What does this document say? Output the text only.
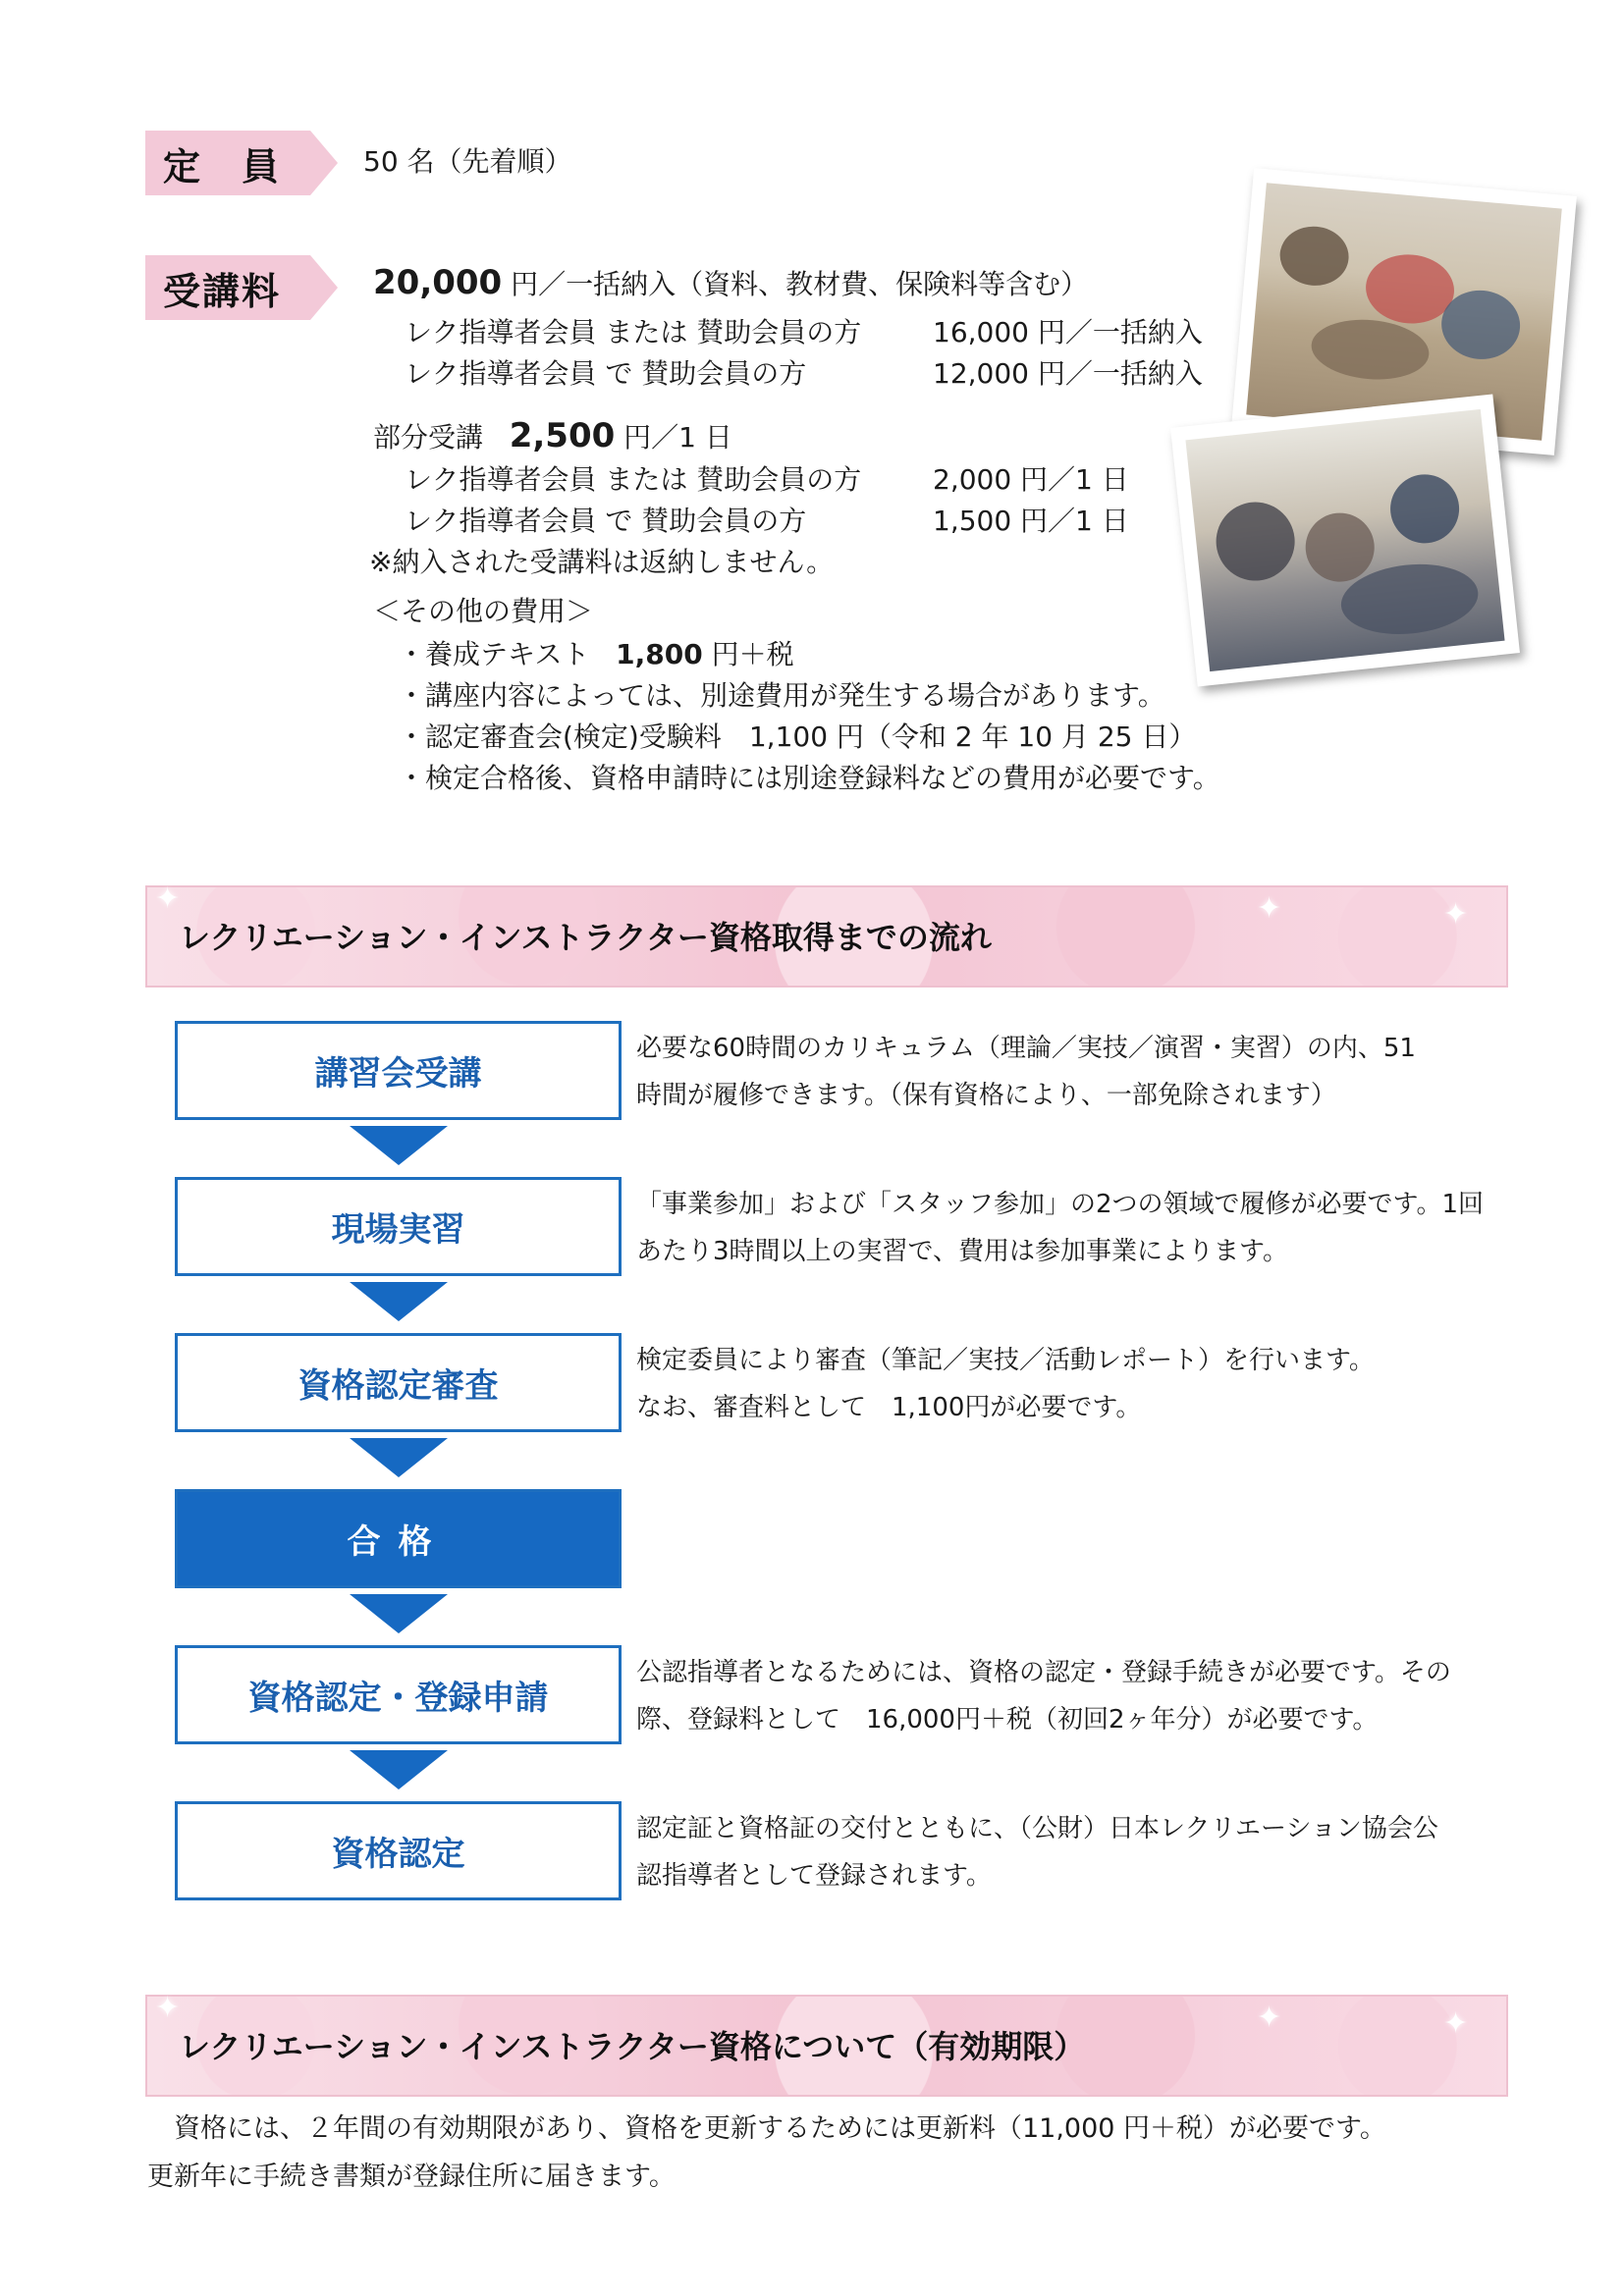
定　員	50 名（先着順）
受講料	20,000 円／一括納入（資料、教材費、保険料等含む）
レク指導者会員 または 賛助会員の方	16,000 円／一括納入
レク指導者会員 で 賛助会員の方	12,000 円／一括納入
部分受講 2,500 円／1 日
レク指導者会員 または 賛助会員の方	2,000 円／1 日
レク指導者会員 で 賛助会員の方	1,500 円／1 日
※納入された受講料は返納しません。
＜その他の費用＞
・養成テキスト 1,800 円＋税
・講座内容によっては、別途費用が発生する場合があります。
・認定審査会(検定)受験料　1,100 円（令和 2 年 10 月 25 日）
・検定合格後、資格申請時には別途登録料などの費用が必要です。
✦	✦	✦
レクリエーション・インストラクター資格取得までの流れ
講習会受講
必要な60時間のカリキュラム（理論／実技／演習・実習）の内、51
時間が履修できます。（保有資格により、一部免除されます）
現場実習
「事業参加」および「スタッフ参加」の2つの領域で履修が必要です。1回
あたり3時間以上の実習で、費用は参加事業によります。
資格認定審査
検定委員により審査（筆記／実技／活動レポート）を行います。
なお、審査料として　1,100円が必要です。
合格
資格認定・登録申請
公認指導者となるためには、資格の認定・登録手続きが必要です。その
際、登録料として　16,000円＋税（初回2ヶ年分）が必要です。
資格認定
認定証と資格証の交付とともに、（公財）日本レクリエーション協会公
認指導者として登録されます。
✦	✦	✦
レクリエーション・インストラクター資格について（有効期限）
　資格には、２年間の有効期限があり、資格を更新するためには更新料（11,000 円＋税）が必要です。
更新年に手続き書類が登録住所に届きます。
